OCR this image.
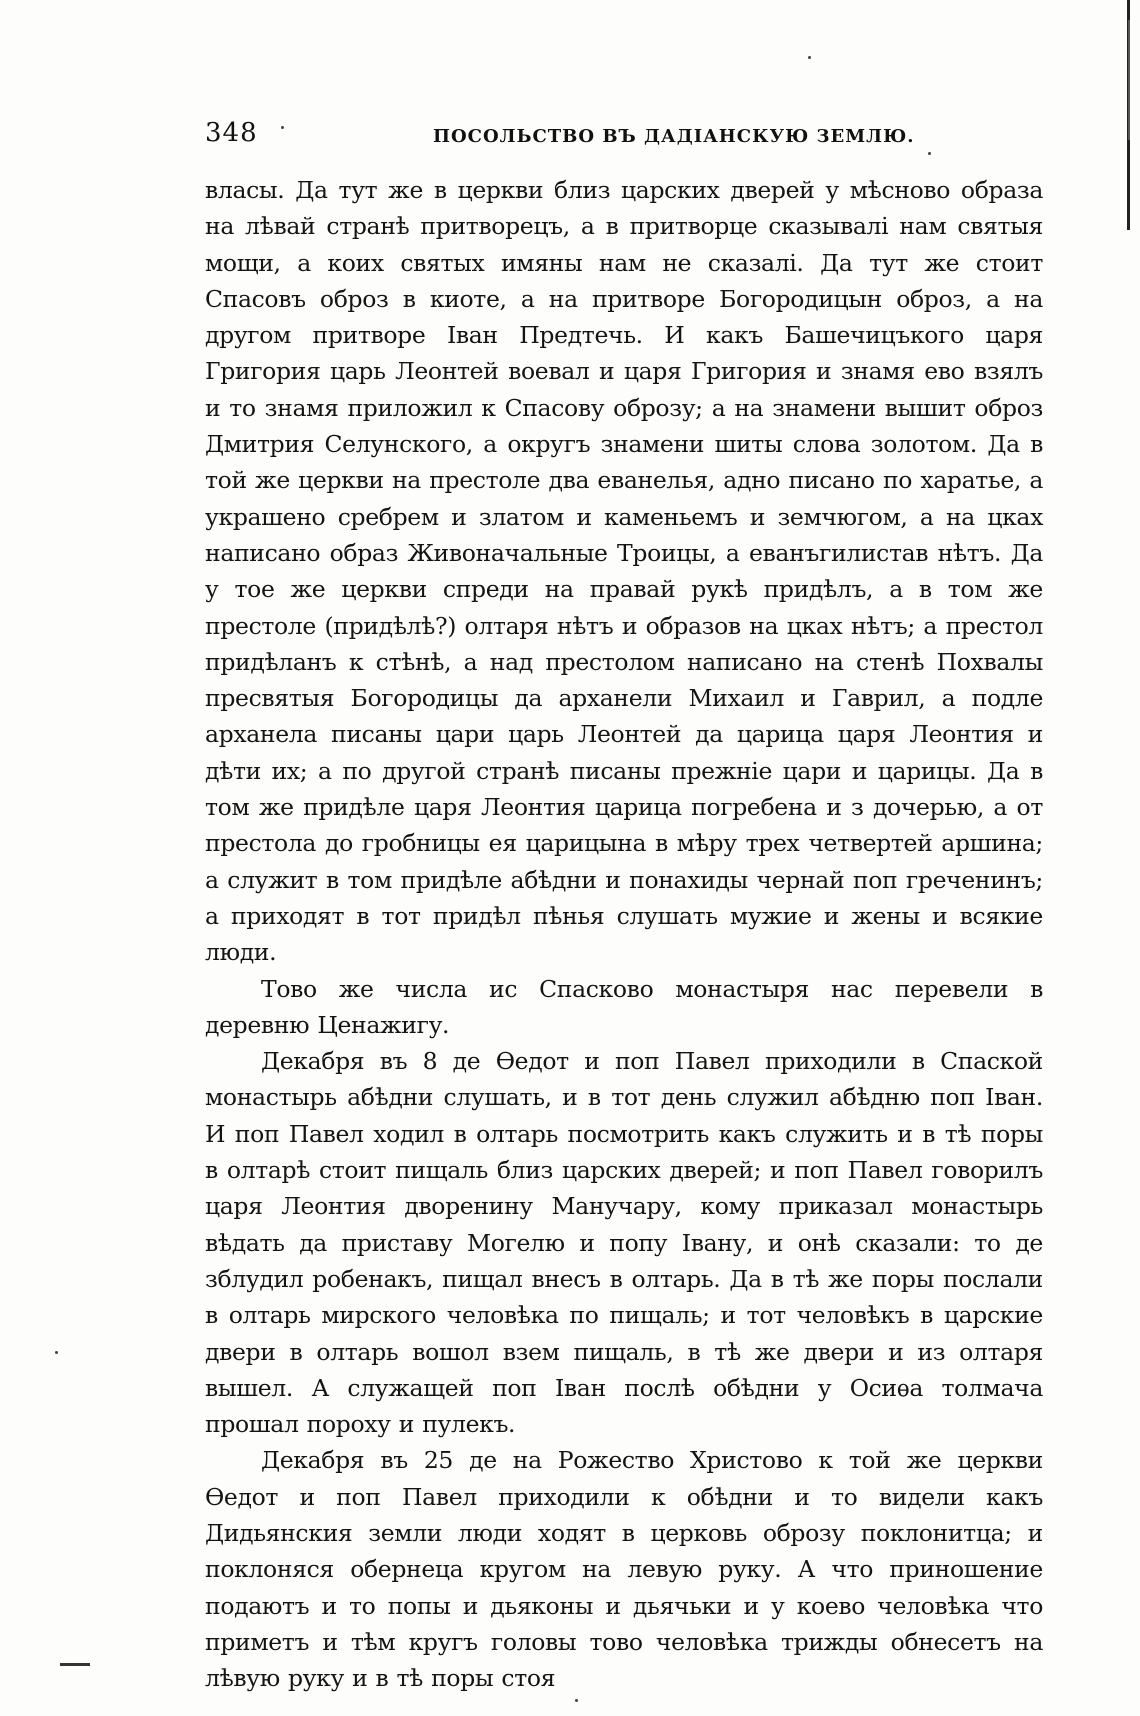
348	ПОСОЛЬСТВО ВЪ ДАДІАНСКУЮ ЗЕМЛЮ.

власы. Да тут же в церкви близ царских дверей у мѣсново образа на лѣвай странѣ притворецъ, а в притворце сказывалі нам святыя мощи, а коих святых имяны нам не сказалі. Да тут же стоит Спасовъ оброз в киоте, а на притворе Богородицын оброз, а на другом притворе Іван Предтечь. И какъ Башечицъкого царя Григория царь Леонтей воевал и царя Григория и знамя ево взялъ и то знамя приложил к Спасову оброзу; а на знамени вышит оброз Дмитрия Селунского, а округъ знамени шиты слова золотом. Да в той же церкви на престоле два еванелья, адно писано по харатье, а украшено сребрем и златом и каменьемъ и земчюгом, а на цках написано образ Живоначальные Троицы, а еванъгилистав нѣтъ. Да у тое же церкви спреди на правай рукѣ придѣлъ, а в том же престоле (придѣлѣ?) олтаря нѣтъ и образов на цках нѣтъ; а престол придѣланъ к стѣнѣ, а над престолом написано на стенѣ Похвалы пресвятыя Богородицы да арханели Михаил и Гаврил, а подле арханела писаны цари царь Леонтей да царица царя Леонтия и дѣти их; а по другой странѣ писаны прежніе цари и царицы. Да в том же придѣле царя Леонтия царица погребена и з дочерью, а от престола до гробницы ея царицына в мѣру трех четвертей аршина; а служит в том придѣле абѣдни и понахиды чернай поп греченинъ; а приходят в тот придѣл пѣнья слушать мужие и жены и всякие люди.

Тово же числа ис Спасково монастыря нас перевели в деревню Ценажигу.

Декабря въ 8 де Ѳедот и поп Павел приходили в Спаской монастырь абѣдни слушать, и в тот день служил абѣдню поп Іван. И поп Павел ходил в олтарь посмотрить какъ служить и в тѣ поры в олтарѣ стоит пищаль близ царских дверей; и поп Павел говорилъ царя Леонтия дворенину Манучару, кому приказал монастырь вѣдать да приставу Могелю и попу Івану, и онѣ сказали: то де зблудил робенакъ, пищал внесъ в олтарь. Да в тѣ же поры послали в олтарь мирского человѣка по пищаль; и тот человѣкъ в царские двери в олтарь вошол взем пищаль, в тѣ же двери и из олтаря вышел. А служащей поп Іван послѣ обѣдни у Осиѳа толмача прошал пороху и пулекъ.

Декабря въ 25 де на Рожество Христово к той же церкви Ѳедот и поп Павел приходили к обѣдни и то видели какъ Дидьянския земли люди ходят в церковь оброзу поклонитца; и поклоняся обернеца кругом на левую руку. А что приношение подаютъ и то попы и дьяконы и дьячьки и у коево человѣка что приметъ и тѣм кругъ головы тово человѣка трижды обнесетъ на лѣвую руку и в тѣ поры стоя
